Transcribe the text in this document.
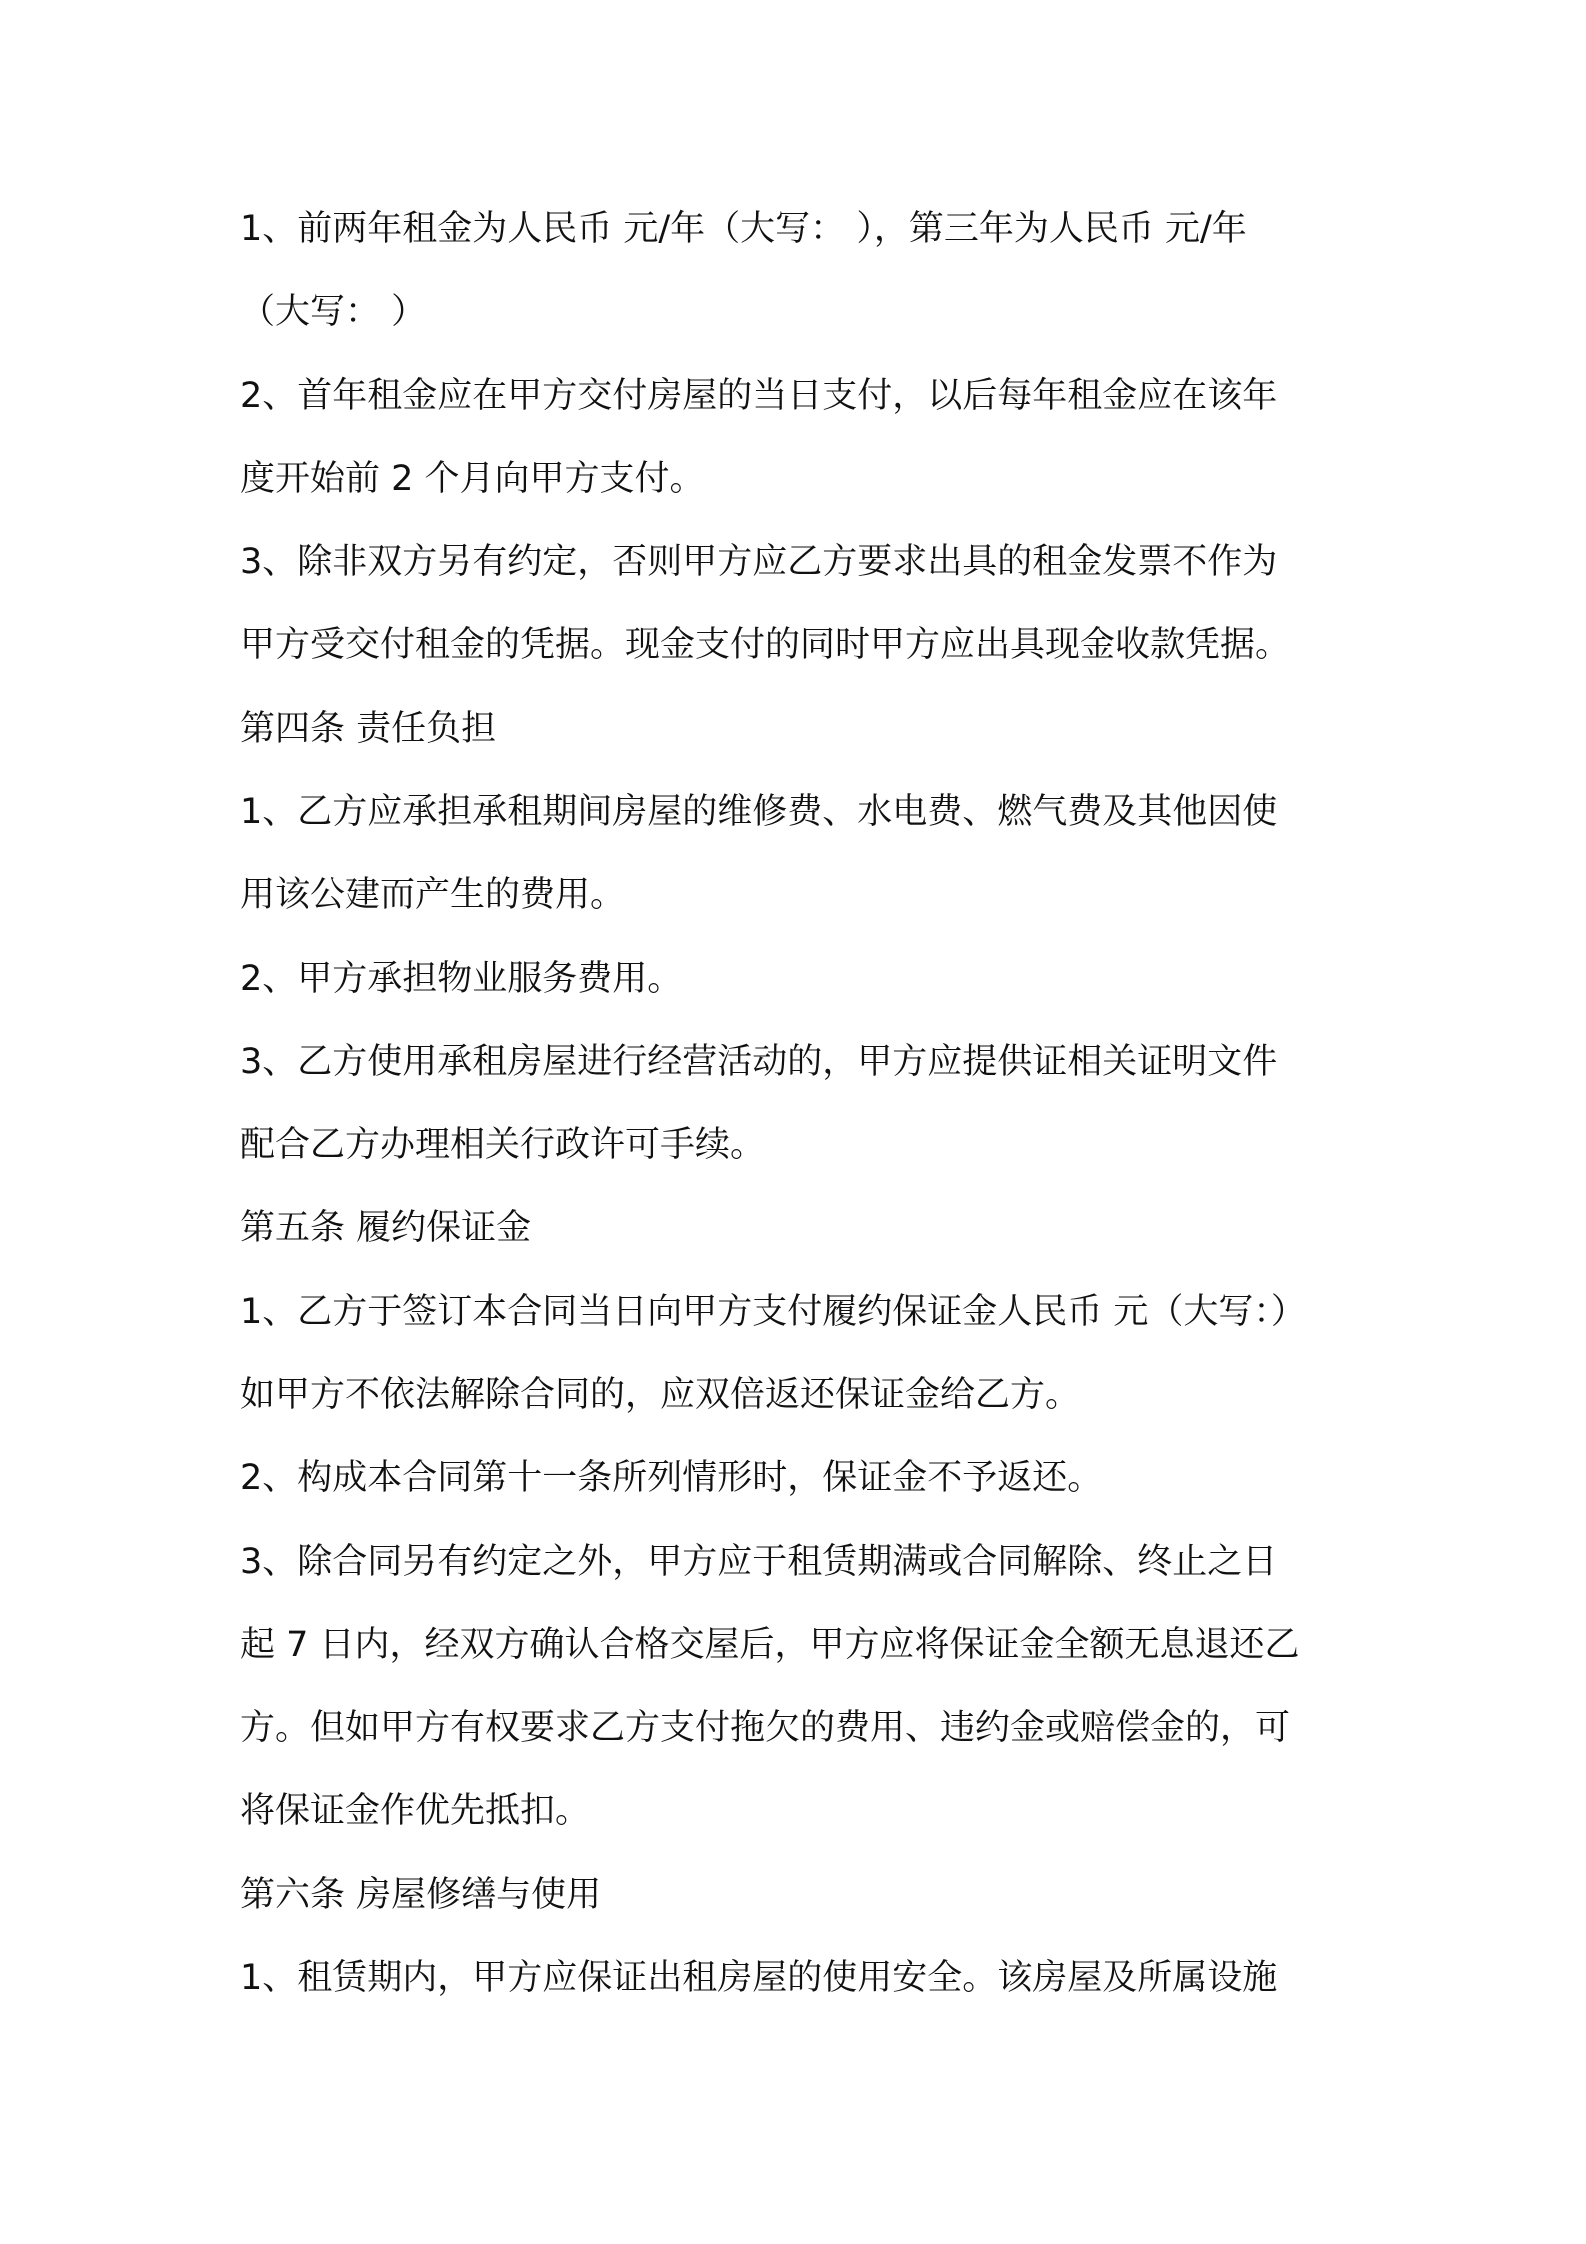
1、前两年租金为人民币 元/年（大写： ），第三年为人民币 元/年
（大写： ）
2、首年租金应在甲方交付房屋的当日支付，以后每年租金应在该年
度开始前 2 个月向甲方支付。
3、除非双方另有约定，否则甲方应乙方要求出具的租金发票不作为
甲方受交付租金的凭据。现金支付的同时甲方应出具现金收款凭据。
第四条 责任负担
1、乙方应承担承租期间房屋的维修费、水电费、燃气费及其他因使
用该公建而产生的费用。
2、甲方承担物业服务费用。
3、乙方使用承租房屋进行经营活动的，甲方应提供证相关证明文件
配合乙方办理相关行政许可手续。
第五条 履约保证金
1、乙方于签订本合同当日向甲方支付履约保证金人民币 元（大写：）
如甲方不依法解除合同的，应双倍返还保证金给乙方。
2、构成本合同第十一条所列情形时，保证金不予返还。
3、除合同另有约定之外，甲方应于租赁期满或合同解除、终止之日
起 7 日内，经双方确认合格交屋后，甲方应将保证金全额无息退还乙
方。但如甲方有权要求乙方支付拖欠的费用、违约金或赔偿金的，可
将保证金作优先抵扣。
第六条 房屋修缮与使用
1、租赁期内，甲方应保证出租房屋的使用安全。该房屋及所属设施
